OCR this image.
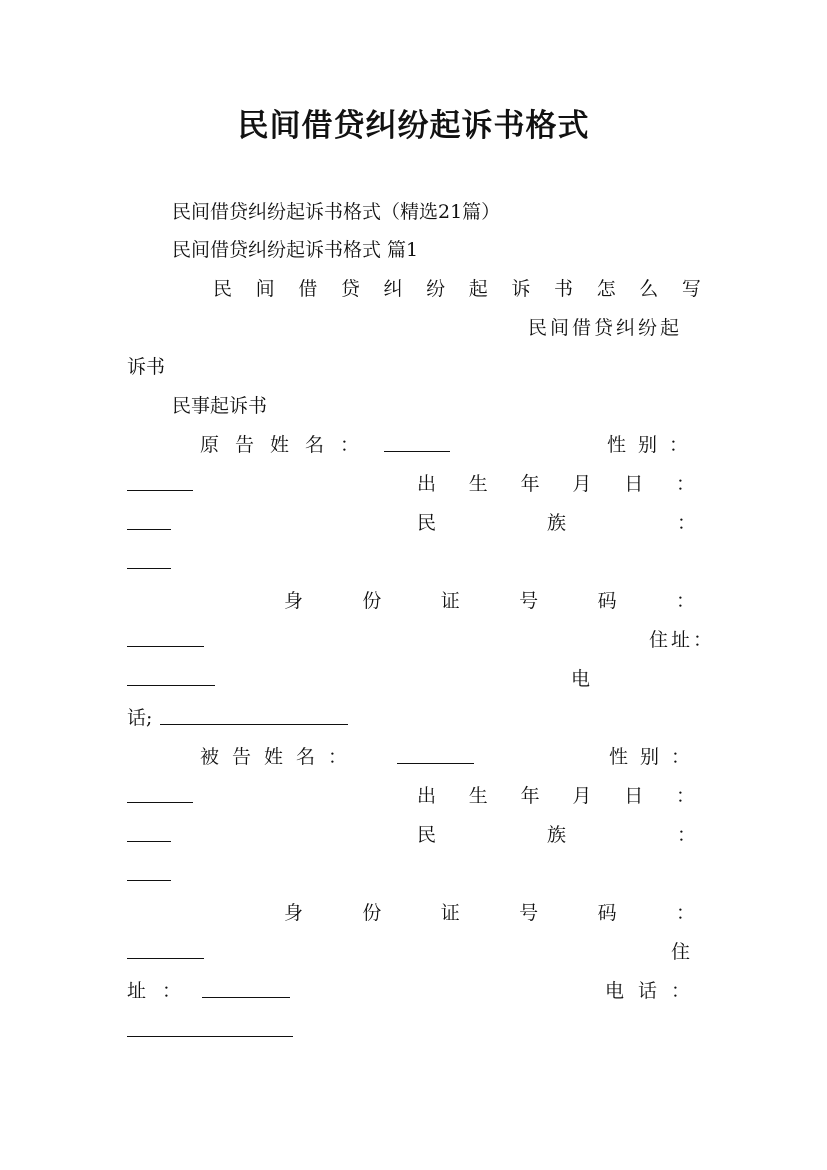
民间借贷纠纷起诉书格式
民间借贷纠纷起诉书格式（精选21篇）
民间借贷纠纷起诉书格式 篇1
民 间 借 贷 纠 纷 起 诉 书 怎 么 写
民间借贷纠纷起
诉书
民事起诉书
原告姓名：	性别：
出 生 年 月 日 ：
民	族	：
身	份	证	号	码	：
住址：
电
话;
被告姓名：	性别：
出 生 年 月 日 ：
民	族	：
身	份	证	号	码	：
住
址：	电话：
